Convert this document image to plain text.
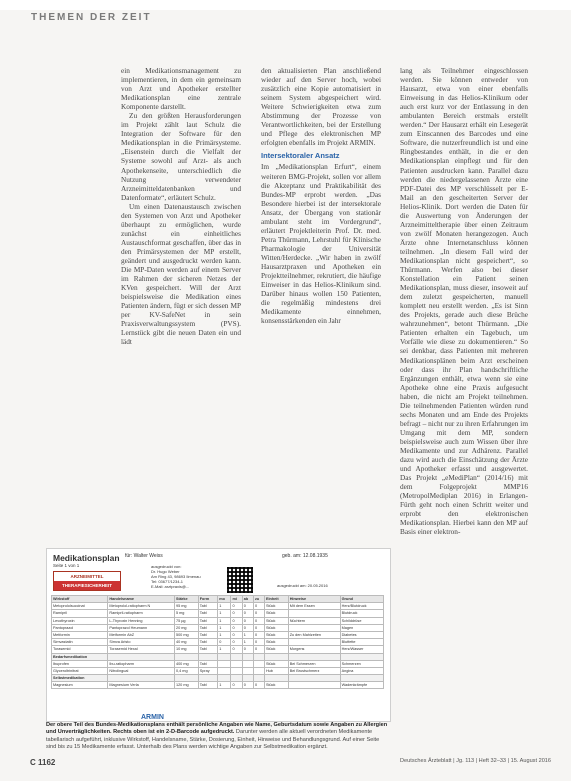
THEMEN DER ZEIT

ein Medikationsmanagement zu implementieren, in dem ein gemeinsam von Arzt und Apotheker erstellter Medikationsplan eine zentrale Komponente darstellt.

Zu den größten Herausforderungen im Projekt zählt laut Schulz die Integration der Software für den Medikationsplan in die Primärsysteme. „Eisenstein durch die Vielfalt der Systeme sowohl auf Arzt- als auch Apothekenseite, unterschiedlich die Nutzung verwendeter Arzneimitteldatenbanken und Datenformate“, erläutert Schulz.

Um einen Datenaustausch zwischen den Systemen von Arzt und Apotheker überhaupt zu ermöglichen, wurde zunächst ein einheitliches Austauschformat geschaffen, über das in den Primärsystemen der MP erstellt, geändert und ausgedruckt werden kann. Die MP-Daten werden auf einem Server im Rahmen der sicheren Netzes der KVen gespeichert. Will der Arzt beispielsweise die Medikation eines Patienten ändern, fügt er sich dessen MP per KV-SafeNet in sein Praxisverwaltungssystem (PVS). Lernstück gibt die neuen Daten ein und lädt

den aktualisierten Plan anschließend wieder auf den Server hoch, wobei zusätzlich eine Kopie automatisiert in seinem System abgespeichert wird. Weitere Schwierigkeiten etwa zum Abstimmung der Prozesse von Verantwortlichkeiten, bei der Erstellung und Pflege des elektronischen MP erfolgten ebenfalls im Projekt ARMIN.

Intersektoraler Ansatz

Im „Medikationsplan Erfurt“, einem weiteren BMG-Projekt, sollen vor allem die Akzeptanz und Praktikabilität des Bundes-MP erprobt werden. „Das Besondere hierbei ist der intersektorale Ansatz, der Übergang von stationär ambulant steht im Vordergrund“, erläutert Projektleiterin Prof. Dr. med. Petra Thürmann, Lehrstuhl für Klinische Pharmakologie der Universität Witten/Herdecke. „Wir haben in zwölf Hausarztpraxen und Apotheken ein Projektteilnehmer, rekrutiert, die häufige Einweiser in das Helios-Klinikum sind. Darüber hinaus wollen 150 Patienten, die regelmäßig mindestens drei Medikamente einnehmen, konsensstärkenden ein Jahr

lang als Teilnehmer eingeschlossen werden. Sie können entweder von Hausarzt, etwa von einer ebenfalls Einweisung in das Helios-Klinikum oder auch erst kurz vor der Entlassung in den ambulanten Bereich erstmals erstellt werden.“ Der Hausarzt erhält ein Lesegerät zum Einscannen des Barcodes und eine Software, die nutzerfreundlich ist und eine Ringbestandes enthält, in die er den Medikationsplan einpflegt und für den Patienten ausdrucken kann. Parallel dazu werden die niedergelassenen Ärzte eine PDF-Datei des MP verschlüsselt per E-Mail an den gescheiterten Server der Helios-Klinik. Dort werden die Daten für die Auswertung von Änderungen der Arzneimitteltherapie über einen Zeitraum von zwölf Monaten herangezogen. Auch Ärzte ohne Internetanschluss können teilnehmen. „In diesem Fall wird der Medikationsplan nicht gespeichert“, so Thürmann. Werfen also bei dieser Konstellation ein Patient seinen Medikationsplan, muss dieser, insoweit auf dem zuletzt gespeicherten, manuell komplett neu erstellt werden. „Es ist Sinn des Projekts, gerade auch diese Brüche wahrzunehmen“, betont Thürmann. „Die Patienten erhalten ein Tagebuch, um Vorfälle wie diese zu dokumentieren.“ So sei denkbar, dass Patienten mit mehreren Medikationsplänen beim Arzt erscheinen oder dass ihr Plan handschriftliche Ergänzungen enthält, etwa wenn sie eine Apotheke ohne eine Praxis aufgesucht haben, die nicht am Projekt teilnehmen. Die teilnehmenden Patienten würden rund sechs Monaten und am Ende des Projekts befragt – nicht nur zu ihren Erfahrungen im Umgang mit dem MP, sondern beispielsweise auch zum Wissen über ihre Medikamente und zur Adhärenz. Parallel dazu wird auch die Einschätzung der Ärzte und Apotheker erfasst und ausgewertet. Das Projekt „eMediPlan“ (2014/16) mit dem Folgeprojekt MMP16 (MetropolMediplan 2016) in Erlangen-Fürth geht noch einen Schritt weiter und erprobt den elektronischen Medikationsplan. Hierbei kann den MP auf Basis einer elektron-

Medikationsplan
Seite 1 von 1
für: Walter Weiss	geb. am: 12.08.1935
ausgedruckt von:
Dr. Hugo Weber
Am Ring 43, 98693 Ilmenau
Tel: 03677/1234-1
E-Mail: arztpraxis@...
ARZNEIMITTEL
THERAPIESICHERHEIT	ausgedruckt am: 20.05.2016
Wirkstoff	Handelsname	Stärke	Form	mo	mi	ab	zu	Einheit	Hinweise	Grund
Metoprololsuccinat	Metoprolol-ratiopharm N	95 mg	Tabl	1	0	0	0	Stück	Mit dem Essen	Herz/Blutdruck
Ramipril	Ramipril-ratiopharm	5 mg	Tabl	1	0	0	0	Stück		Blutdruck
Levothyroxin	L-Thyroxin Henning	75 µg	Tabl	1	0	0	0	Stück	Nüchtern	Schilddrüse
Pantoprazol	Pantoprazol Heumann	20 mg	Tabl	1	0	0	0	Stück		Magen
Metformin	Metformin AbZ	500 mg	Tabl	1	0	1	0	Stück	Zu den Mahlzeiten	Diabetes
Simvastatin	Simva Aristo	40 mg	Tabl	0	0	1	0	Stück		Blutfette
Torasemid	Torasemid Hexal	10 mg	Tabl	1	0	0	0	Stück	Morgens	Herz/Wasser
Bedarfsmedikation										
Ibuprofen	Ibu-ratiopharm	400 mg	Tabl					Stück	Bei Schmerzen	Schmerzen
Glyceroltrinitrat	Nitrolingual	0,4 mg	Spray					Hub	Bei Brustschmerz	Angina
Selbstmedikation										
Magnesium	Magnesium Verla	120 mg	Tabl	1	0	0	0	Stück		Wadenkrämpfe
ARMIN
Der obere Teil des Bundes-Medikationsplans enthält persönliche Angaben wie Name, Geburtsdatum sowie Angaben zu Allergien und Unverträglichkeiten. Rechts oben ist ein 2-D-Barcode aufgedruckt. Darunter werden alle aktuell verordneten Medikamente tabellarisch aufgeführt, inklusive Wirkstoff, Handelsname, Stärke, Dosierung, Einheit, Hinweise und Behandlungsgrund. Auf einer Seite sind bis zu 15 Medikamente erfasst. Unterhalb des Plans werden wichtige Angaben zur Selbstmedikation ergänzt.
C 1162	Deutsches Ärzteblatt | Jg. 113 | Heft 32–33 | 15. August 2016
